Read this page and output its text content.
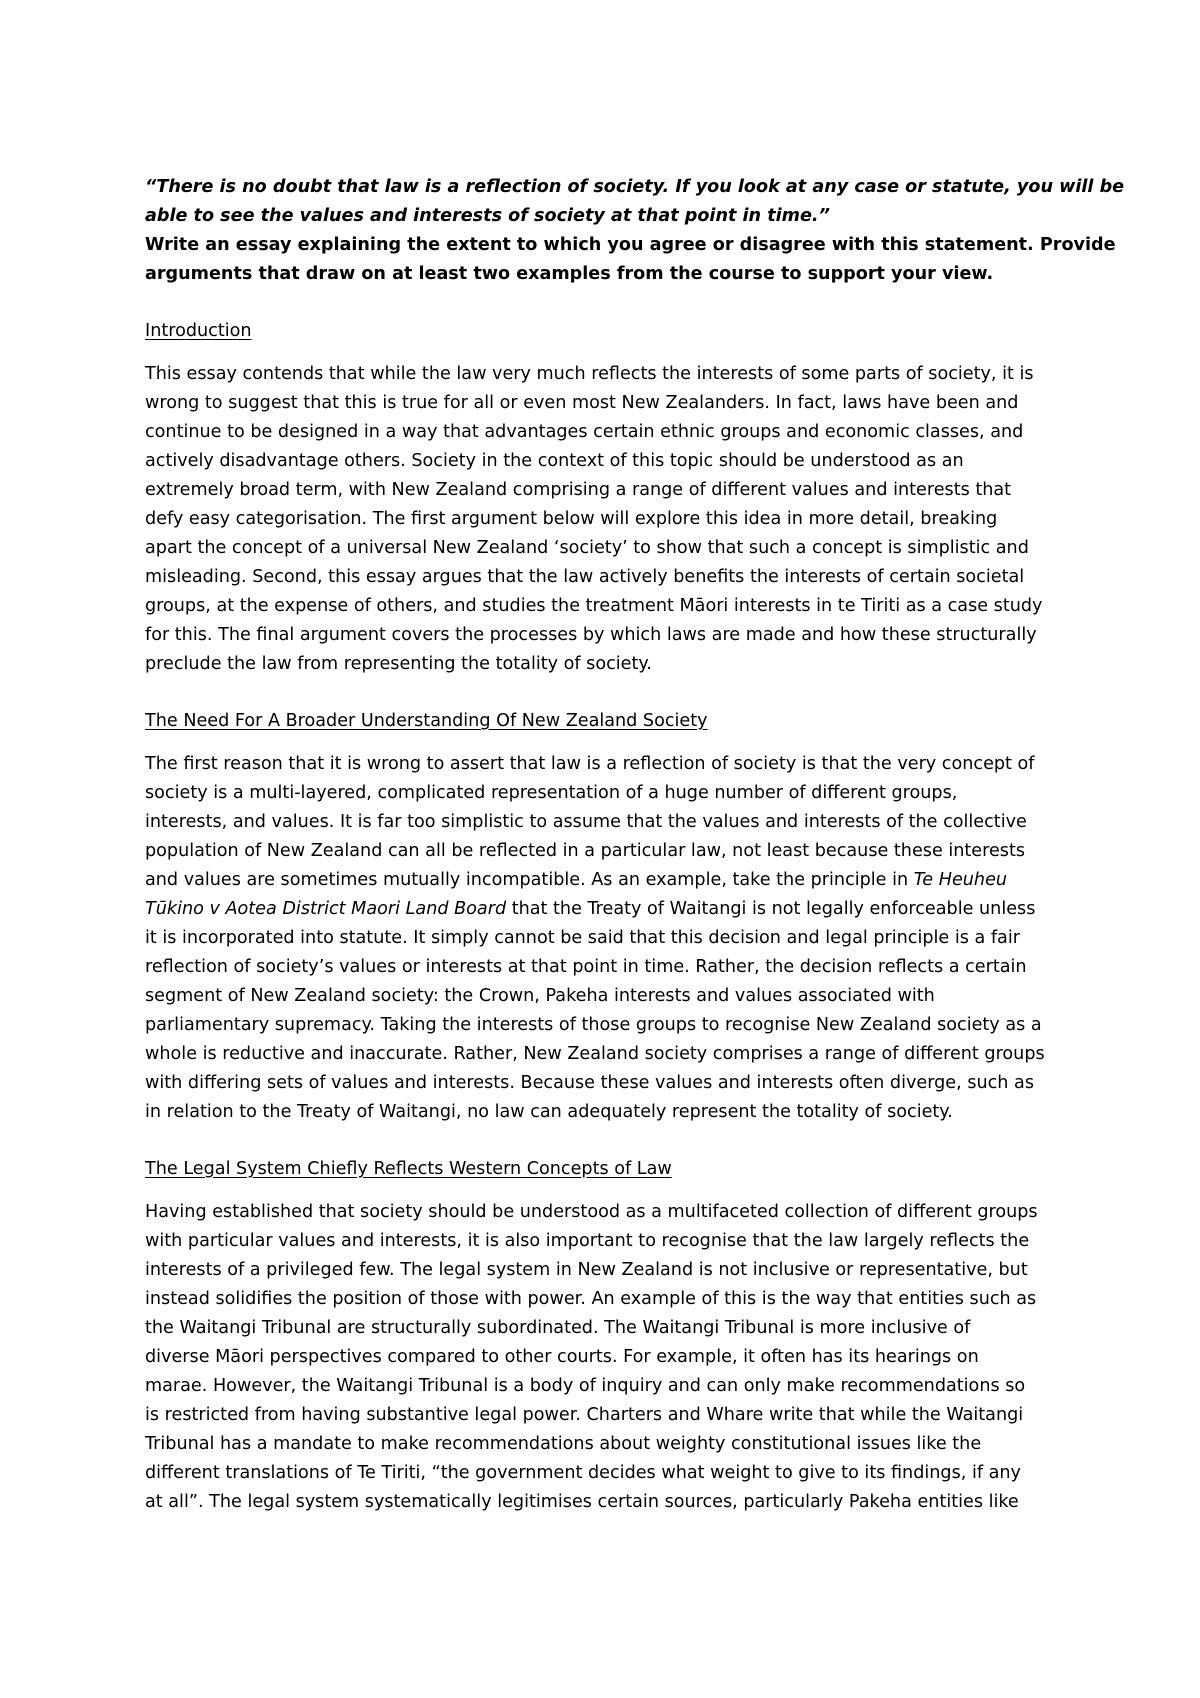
“There is no doubt that law is a reflection of society. If you look at any case or statute, you will be
able to see the values and interests of society at that point in time.”
Write an essay explaining the extent to which you agree or disagree with this statement. Provide
arguments that draw on at least two examples from the course to support your view.
Introduction
This essay contends that while the law very much reflects the interests of some parts of society, it is
wrong to suggest that this is true for all or even most New Zealanders. In fact, laws have been and
continue to be designed in a way that advantages certain ethnic groups and economic classes, and
actively disadvantage others. Society in the context of this topic should be understood as an
extremely broad term, with New Zealand comprising a range of different values and interests that
defy easy categorisation. The first argument below will explore this idea in more detail, breaking
apart the concept of a universal New Zealand ‘society’ to show that such a concept is simplistic and
misleading. Second, this essay argues that the law actively benefits the interests of certain societal
groups, at the expense of others, and studies the treatment Māori interests in te Tiriti as a case study
for this. The final argument covers the processes by which laws are made and how these structurally
preclude the law from representing the totality of society.
The Need For A Broader Understanding Of New Zealand Society
The first reason that it is wrong to assert that law is a reflection of society is that the very concept of
society is a multi-layered, complicated representation of a huge number of different groups,
interests, and values. It is far too simplistic to assume that the values and interests of the collective
population of New Zealand can all be reflected in a particular law, not least because these interests
and values are sometimes mutually incompatible. As an example, take the principle in Te Heuheu
Tūkino v Aotea District Maori Land Board that the Treaty of Waitangi is not legally enforceable unless
it is incorporated into statute. It simply cannot be said that this decision and legal principle is a fair
reflection of society’s values or interests at that point in time. Rather, the decision reflects a certain
segment of New Zealand society: the Crown, Pakeha interests and values associated with
parliamentary supremacy. Taking the interests of those groups to recognise New Zealand society as a
whole is reductive and inaccurate. Rather, New Zealand society comprises a range of different groups
with differing sets of values and interests. Because these values and interests often diverge, such as
in relation to the Treaty of Waitangi, no law can adequately represent the totality of society.
The Legal System Chiefly Reflects Western Concepts of Law
Having established that society should be understood as a multifaceted collection of different groups
with particular values and interests, it is also important to recognise that the law largely reflects the
interests of a privileged few. The legal system in New Zealand is not inclusive or representative, but
instead solidifies the position of those with power. An example of this is the way that entities such as
the Waitangi Tribunal are structurally subordinated. The Waitangi Tribunal is more inclusive of
diverse Māori perspectives compared to other courts. For example, it often has its hearings on
marae. However, the Waitangi Tribunal is a body of inquiry and can only make recommendations so
is restricted from having substantive legal power. Charters and Whare write that while the Waitangi
Tribunal has a mandate to make recommendations about weighty constitutional issues like the
different translations of Te Tiriti, “the government decides what weight to give to its findings, if any
at all”. The legal system systematically legitimises certain sources, particularly Pakeha entities like
